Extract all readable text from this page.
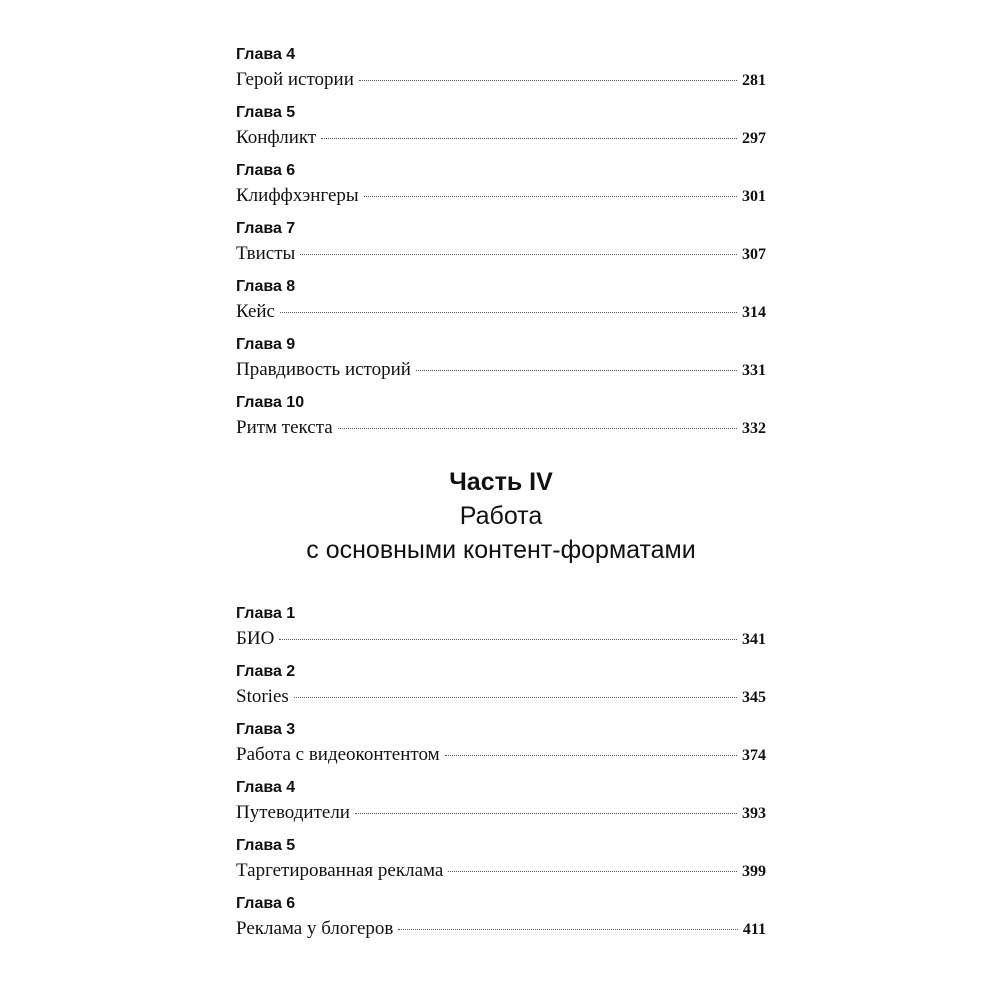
Глава 4
Герой истории	281
Глава 5
Конфликт	297
Глава 6
Клиффхэнгеры	301
Глава 7
Твисты	307
Глава 8
Кейс	314
Глава 9
Правдивость историй	331
Глава 10
Ритм текста	332
Часть IV
Работа
с основными контент-форматами
Глава 1
БИО	341
Глава 2
Stories	345
Глава 3
Работа с видеоконтентом	374
Глава 4
Путеводители	393
Глава 5
Таргетированная реклама	399
Глава 6
Реклама у блогеров	411
